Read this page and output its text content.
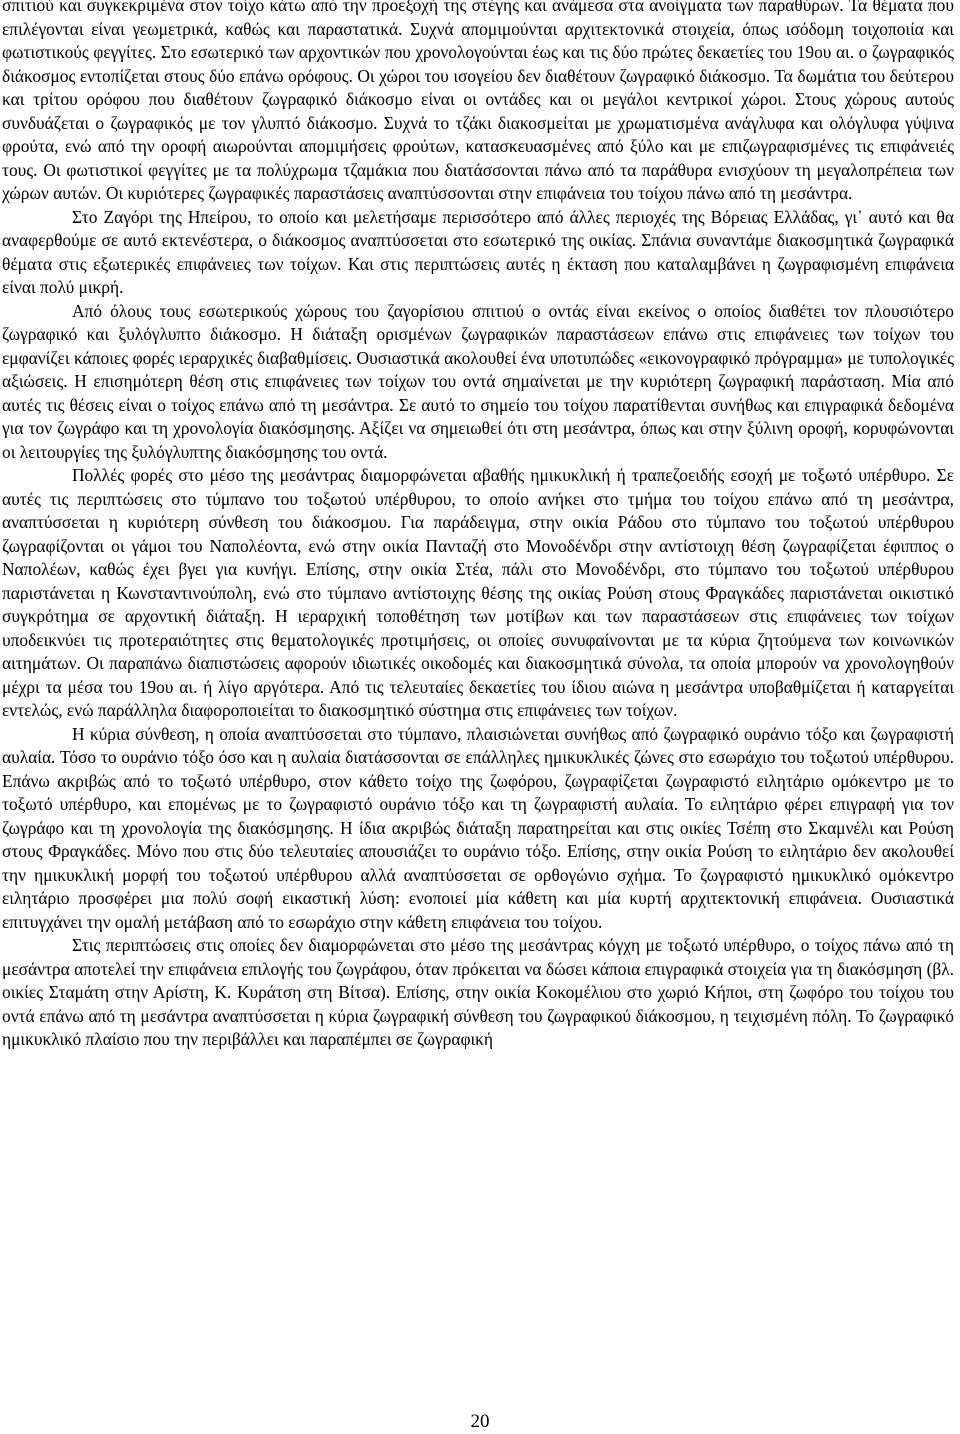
σπιτιού και συγκεκριμένα στον τοίχο κάτω από την προεξοχή της στέγης και ανάμεσα στα ανοίγματα των παραθύρων. Τα θέματα που επιλέγονται είναι γεωμετρικά, καθώς και παραστατικά. Συχνά απομιμούνται αρχιτεκτονικά στοιχεία, όπως ισόδομη τοιχοποιία και φωτιστικούς φεγγίτες. Στο εσωτερικό των αρχοντικών που χρονολογούνται έως και τις δύο πρώτες δεκαετίες του 19ου αι. ο ζωγραφικός διάκοσμος εντοπίζεται στους δύο επάνω ορόφους. Οι χώροι του ισογείου δεν διαθέτουν ζωγραφικό διάκοσμο. Τα δωμάτια του δεύτερου και τρίτου ορόφου που διαθέτουν ζωγραφικό διάκοσμο είναι οι οντάδες και οι μεγάλοι κεντρικοί χώροι. Στους χώρους αυτούς συνδυάζεται ο ζωγραφικός με τον γλυπτό διάκοσμο. Συχνά το τζάκι διακοσμείται με χρωματισμένα ανάγλυφα και ολόγλυφα γύψινα φρούτα, ενώ από την οροφή αιωρούνται απομιμήσεις φρούτων, κατασκευασμένες από ξύλο και με επιζωγραφισμένες τις επιφάνειές τους. Οι φωτιστικοί φεγγίτες με τα πολύχρωμα τζαμάκια που διατάσσονται πάνω από τα παράθυρα ενισχύουν τη μεγαλοπρέπεια των χώρων αυτών. Οι κυριότερες ζωγραφικές παραστάσεις αναπτύσσονται στην επιφάνεια του τοίχου πάνω από τη μεσάντρα.

Στο Ζαγόρι της Ηπείρου, το οποίο και μελετήσαμε περισσότερο από άλλες περιοχές της Βόρειας Ελλάδας, γι᾽ αυτό και θα αναφερθούμε σε αυτό εκτενέστερα, ο διάκοσμος αναπτύσσεται στο εσωτερικό της οικίας. Σπάνια συναντάμε διακοσμητικά ζωγραφικά θέματα στις εξωτερικές επιφάνειες των τοίχων. Και στις περιπτώσεις αυτές η έκταση που καταλαμβάνει η ζωγραφισμένη επιφάνεια είναι πολύ μικρή.

Από όλους τους εσωτερικούς χώρους του ζαγορίσιου σπιτιού ο οντάς είναι εκείνος ο οποίος διαθέτει τον πλουσιότερο ζωγραφικό και ξυλόγλυπτο διάκοσμο. Η διάταξη ορισμένων ζωγραφικών παραστάσεων επάνω στις επιφάνειες των τοίχων του εμφανίζει κάποιες φορές ιεραρχικές διαβαθμίσεις. Ουσιαστικά ακολουθεί ένα υποτυπώδες «εικονογραφικό πρόγραμμα» με τυπολογικές αξιώσεις. Η επισημότερη θέση στις επιφάνειες των τοίχων του οντά σημαίνεται με την κυριότερη ζωγραφική παράσταση. Μία από αυτές τις θέσεις είναι ο τοίχος επάνω από τη μεσάντρα. Σε αυτό το σημείο του τοίχου παρατίθενται συνήθως και επιγραφικά δεδομένα για τον ζωγράφο και τη χρονολογία διακόσμησης. Αξίζει να σημειωθεί ότι στη μεσάντρα, όπως και στην ξύλινη οροφή, κορυφώνονται οι λειτουργίες της ξυλόγλυπτης διακόσμησης του οντά.

Πολλές φορές στο μέσο της μεσάντρας διαμορφώνεται αβαθής ημικυκλική ή τραπεζοειδής εσοχή με τοξωτό υπέρθυρο. Σε αυτές τις περιπτώσεις στο τύμπανο του τοξωτού υπέρθυρου, το οποίο ανήκει στο τμήμα του τοίχου επάνω από τη μεσάντρα, αναπτύσσεται η κυριότερη σύνθεση του διάκοσμου. Για παράδειγμα, στην οικία Ράδου στο τύμπανο του τοξωτού υπέρθυρου ζωγραφίζονται οι γάμοι του Ναπολέοντα, ενώ στην οικία Πανταζή στο Μονοδένδρι στην αντίστοιχη θέση ζωγραφίζεται έφιππος ο Ναπολέων, καθώς έχει βγει για κυνήγι. Επίσης, στην οικία Στέα, πάλι στο Μονοδένδρι, στο τύμπανο του τοξωτού υπέρθυρου παριστάνεται η Κωνσταντινούπολη, ενώ στο τύμπανο αντίστοιχης θέσης της οικίας Ρούση στους Φραγκάδες παριστάνεται οικιστικό συγκρότημα σε αρχοντική διάταξη. Η ιεραρχική τοποθέτηση των μοτίβων και των παραστάσεων στις επιφάνειες των τοίχων υποδεικνύει τις προτεραιότητες στις θεματολογικές προτιμήσεις, οι οποίες συνυφαίνονται με τα κύρια ζητούμενα των κοινωνικών αιτημάτων. Οι παραπάνω διαπιστώσεις αφορούν ιδιωτικές οικοδομές και διακοσμητικά σύνολα, τα οποία μπορούν να χρονολογηθούν μέχρι τα μέσα του 19ου αι. ή λίγο αργότερα. Από τις τελευταίες δεκαετίες του ίδιου αιώνα η μεσάντρα υποβαθμίζεται ή καταργείται εντελώς, ενώ παράλληλα διαφοροποιείται το διακοσμητικό σύστημα στις επιφάνειες των τοίχων.

Η κύρια σύνθεση, η οποία αναπτύσσεται στο τύμπανο, πλαισιώνεται συνήθως από ζωγραφικό ουράνιο τόξο και ζωγραφιστή αυλαία. Τόσο το ουράνιο τόξο όσο και η αυλαία διατάσσονται σε επάλληλες ημικυκλικές ζώνες στο εσωράχιο του τοξωτού υπέρθυρου. Επάνω ακριβώς από το τοξωτό υπέρθυρο, στον κάθετο τοίχο της ζωφόρου, ζωγραφίζεται ζωγραφιστό ειλητάριο ομόκεντρο με το τοξωτό υπέρθυρο, και επομένως με το ζωγραφιστό ουράνιο τόξο και τη ζωγραφιστή αυλαία. Το ειλητάριο φέρει επιγραφή για τον ζωγράφο και τη χρονολογία της διακόσμησης. Η ίδια ακριβώς διάταξη παρατηρείται και στις οικίες Τσέπη στο Σκαμνέλι και Ρούση στους Φραγκάδες. Μόνο που στις δύο τελευταίες απουσιάζει το ουράνιο τόξο. Επίσης, στην οικία Ρούση το ειλητάριο δεν ακολουθεί την ημικυκλική μορφή του τοξωτού υπέρθυρου αλλά αναπτύσσεται σε ορθογώνιο σχήμα. Το ζωγραφιστό ημικυκλικό ομόκεντρο ειλητάριο προσφέρει μια πολύ σοφή εικαστική λύση: ενοποιεί μία κάθετη και μία κυρτή αρχιτεκτονική επιφάνεια. Ουσιαστικά επιτυγχάνει την ομαλή μετάβαση από το εσωράχιο στην κάθετη επιφάνεια του τοίχου.

Στις περιπτώσεις στις οποίες δεν διαμορφώνεται στο μέσο της μεσάντρας κόγχη με τοξωτό υπέρθυρο, ο τοίχος πάνω από τη μεσάντρα αποτελεί την επιφάνεια επιλογής του ζωγράφου, όταν πρόκειται να δώσει κάποια επιγραφικά στοιχεία για τη διακόσμηση (βλ. οικίες Σταμάτη στην Αρίστη, Κ. Κυράτση στη Βίτσα). Επίσης, στην οικία Κοκομέλιου στο χωριό Κήποι, στη ζωφόρο του τοίχου του οντά επάνω από τη μεσάντρα αναπτύσσεται η κύρια ζωγραφική σύνθεση του ζωγραφικού διάκοσμου, η τειχισμένη πόλη. Το ζωγραφικό ημικυκλικό πλαίσιο που την περιβάλλει και παραπέμπει σε ζωγραφική

20
